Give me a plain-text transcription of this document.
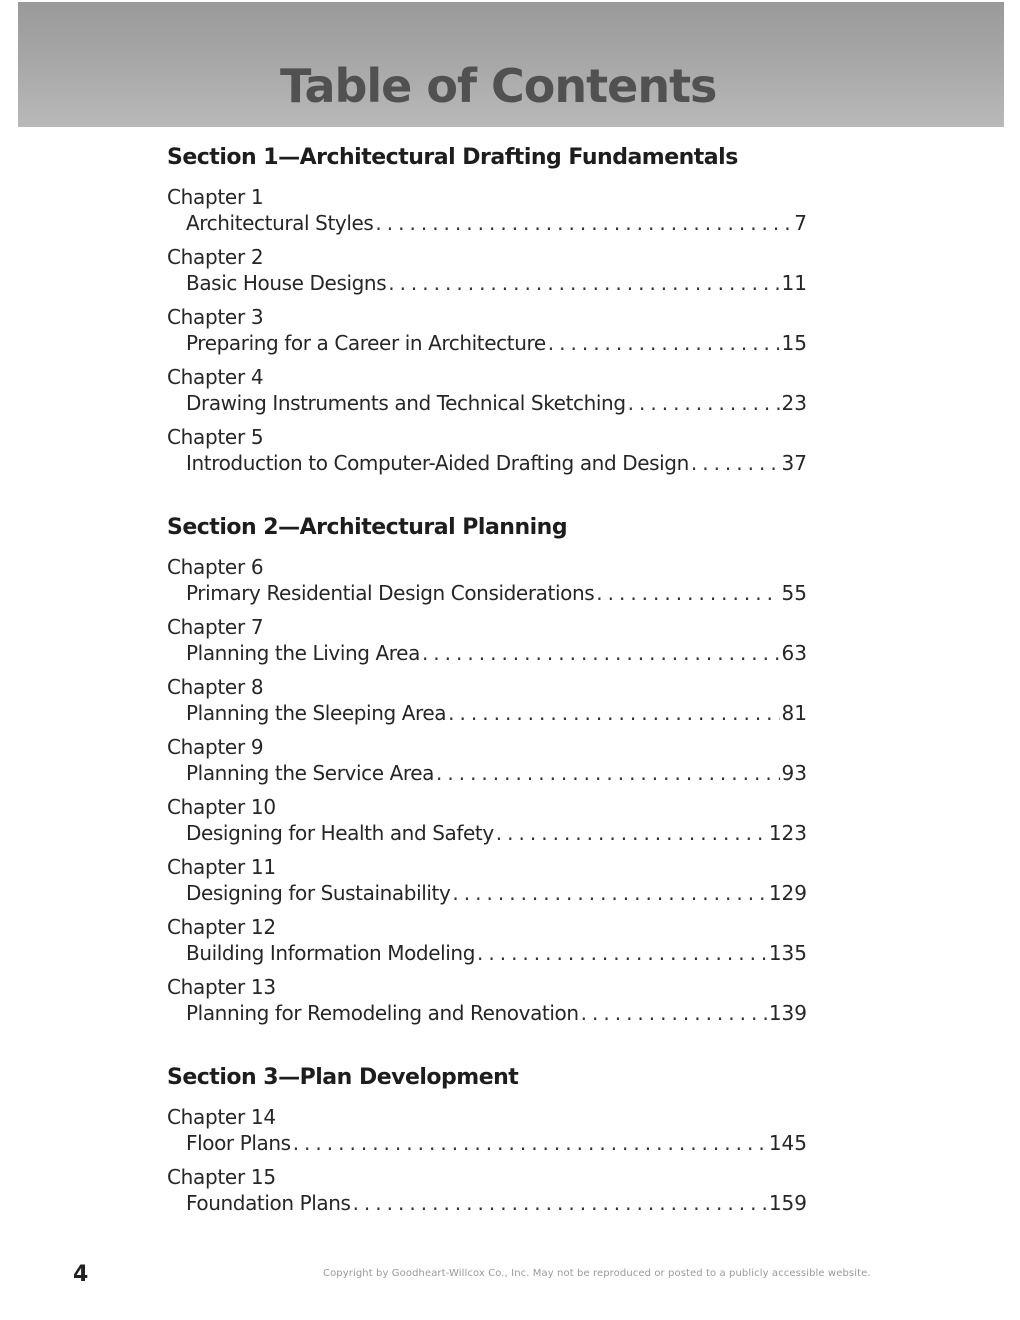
Table of Contents
Section 1—Architectural Drafting Fundamentals
Chapter 1
Architectural Styles .....	7
Chapter 2
Basic House Designs .....	11
Chapter 3
Preparing for a Career in Architecture .....	15
Chapter 4
Drawing Instruments and Technical Sketching .....	23
Chapter 5
Introduction to Computer-Aided Drafting and Design .....	37
Section 2—Architectural Planning
Chapter 6
Primary Residential Design Considerations .....	55
Chapter 7
Planning the Living Area .....	63
Chapter 8
Planning the Sleeping Area .....	81
Chapter 9
Planning the Service Area .....	93
Chapter 10
Designing for Health and Safety .....	123
Chapter 11
Designing for Sustainability .....	129
Chapter 12
Building Information Modeling .....	135
Chapter 13
Planning for Remodeling and Renovation .....	139
Section 3—Plan Development
Chapter 14
Floor Plans .....	145
Chapter 15
Foundation Plans .....	159

4	Copyright by Goodheart-Willcox Co., Inc. May not be reproduced or posted to a publicly accessible website.
